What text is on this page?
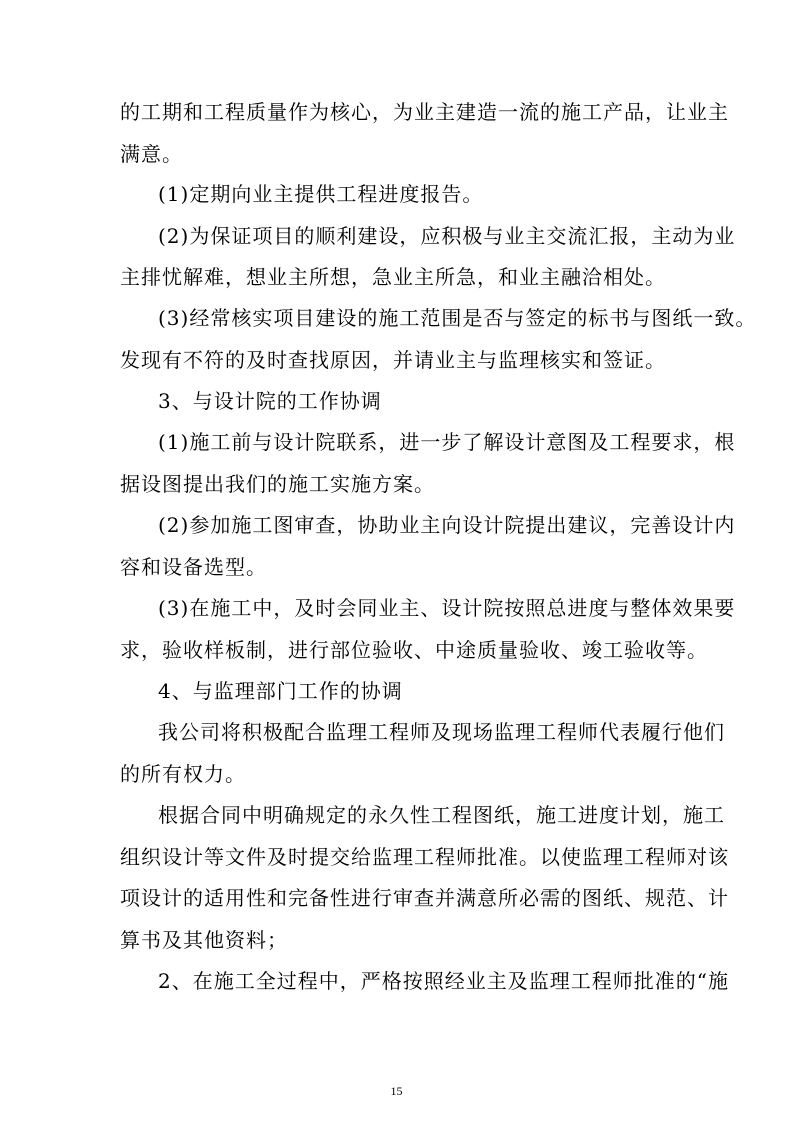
的工期和工程质量作为核心，为业主建造一流的施工产品，让业主
满意。
(1)定期向业主提供工程进度报告。
(2)为保证项目的顺利建设，应积极与业主交流汇报，主动为业
主排忧解难，想业主所想，急业主所急，和业主融洽相处。
(3)经常核实项目建设的施工范围是否与签定的标书与图纸一致。
发现有不符的及时查找原因，并请业主与监理核实和签证。
3、与设计院的工作协调
(1)施工前与设计院联系，进一步了解设计意图及工程要求，根
据设图提出我们的施工实施方案。
(2)参加施工图审查，协助业主向设计院提出建议，完善设计内
容和设备选型。
(3)在施工中，及时会同业主、设计院按照总进度与整体效果要
求，验收样板制，进行部位验收、中途质量验收、竣工验收等。
4、与监理部门工作的协调
我公司将积极配合监理工程师及现场监理工程师代表履行他们
的所有权力。
根据合同中明确规定的永久性工程图纸，施工进度计划，施工
组织设计等文件及时提交给监理工程师批准。以使监理工程师对该
项设计的适用性和完备性进行审查并满意所必需的图纸、规范、计
算书及其他资料；
2、在施工全过程中，严格按照经业主及监理工程师批准的“施
15
